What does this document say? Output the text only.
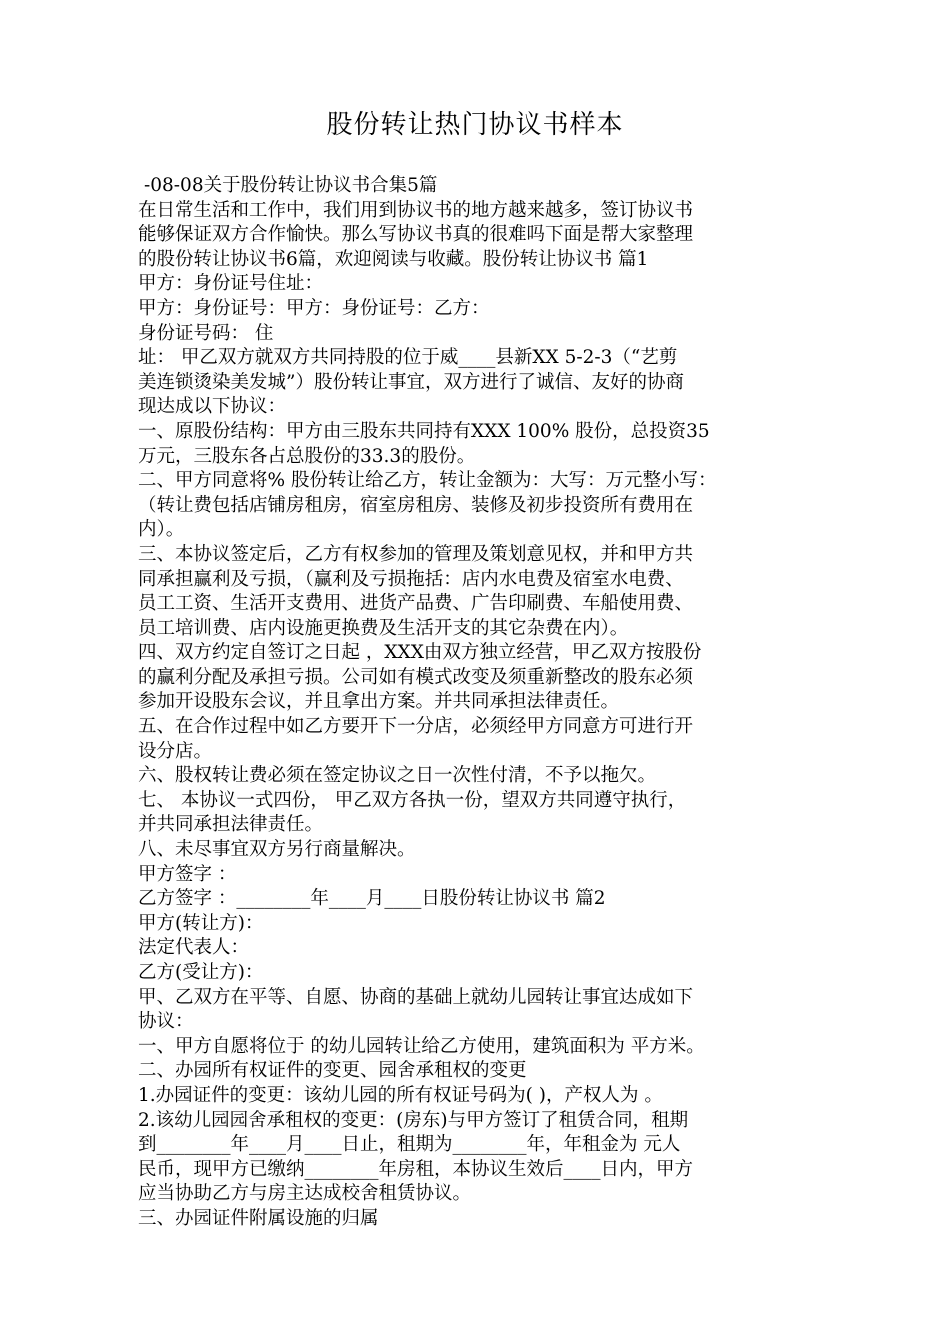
股份转让热门协议书样本
-08-08关于股份转让协议书合集5篇
在日常生活和工作中，我们用到协议书的地方越来越多，签订协议书
能够保证双方合作愉快。那么写协议书真的很难吗下面是帮大家整理
的股份转让协议书6篇，欢迎阅读与收藏。股份转让协议书 篇1
甲方：身份证号住址：
甲方：身份证号：甲方：身份证号：乙方：
身份证号码： 住
址： 甲乙双方就双方共同持股的位于威____县新XX 5-2-3（“艺剪
美连锁烫染美发城”）股份转让事宜，双方进行了诚信、友好的协商
现达成以下协议：
一、原股份结构：甲方由三股东共同持有XXX 100% 股份，总投资35
万元，三股东各占总股份的33.3的股份。
二、甲方同意将% 股份转让给乙方，转让金额为：大写：万元整小写：
（转让费包括店铺房租房，宿室房租房、装修及初步投资所有费用在
内）。
三、本协议签定后，乙方有权参加的管理及策划意见权，并和甲方共
同承担赢利及亏损，（赢利及亏损拖括：店内水电费及宿室水电费、
员工工资、生活开支费用、进货产品费、广告印刷费、车船使用费、
员工培训费、店内设施更换费及生活开支的其它杂费在内）。
四、双方约定自签订之日起 ，XXX由双方独立经营，甲乙双方按股份
的赢利分配及承担亏损。公司如有模式改变及须重新整改的股东必须
参加开设股东会议，并且拿出方案。并共同承担法律责任。
五、在合作过程中如乙方要开下一分店，必须经甲方同意方可进行开
设分店。
六、股权转让费必须在签定协议之日一次性付清，不予以拖欠。
七、 本协议一式四份， 甲乙双方各执一份，望双方共同遵守执行，
并共同承担法律责任。
八、未尽事宜双方另行商量解决。
甲方签字 ：
乙方签字 ：________年____月____日股份转让协议书 篇2
甲方(转让方)：
法定代表人：
乙方(受让方)：
甲、乙双方在平等、自愿、协商的基础上就幼儿园转让事宜达成如下
协议：
一、甲方自愿将位于 的幼儿园转让给乙方使用，建筑面积为 平方米。
二、办园所有权证件的变更、园舍承租权的变更
1.办园证件的变更：该幼儿园的所有权证号码为( )，产权人为 。
2.该幼儿园园舍承租权的变更：(房东)与甲方签订了租赁合同，租期
到________年____月____日止，租期为________年，年租金为 元人
民币，现甲方已缴纳________年房租，本协议生效后____日内，甲方
应当协助乙方与房主达成校舍租赁协议。
三、办园证件附属设施的归属
